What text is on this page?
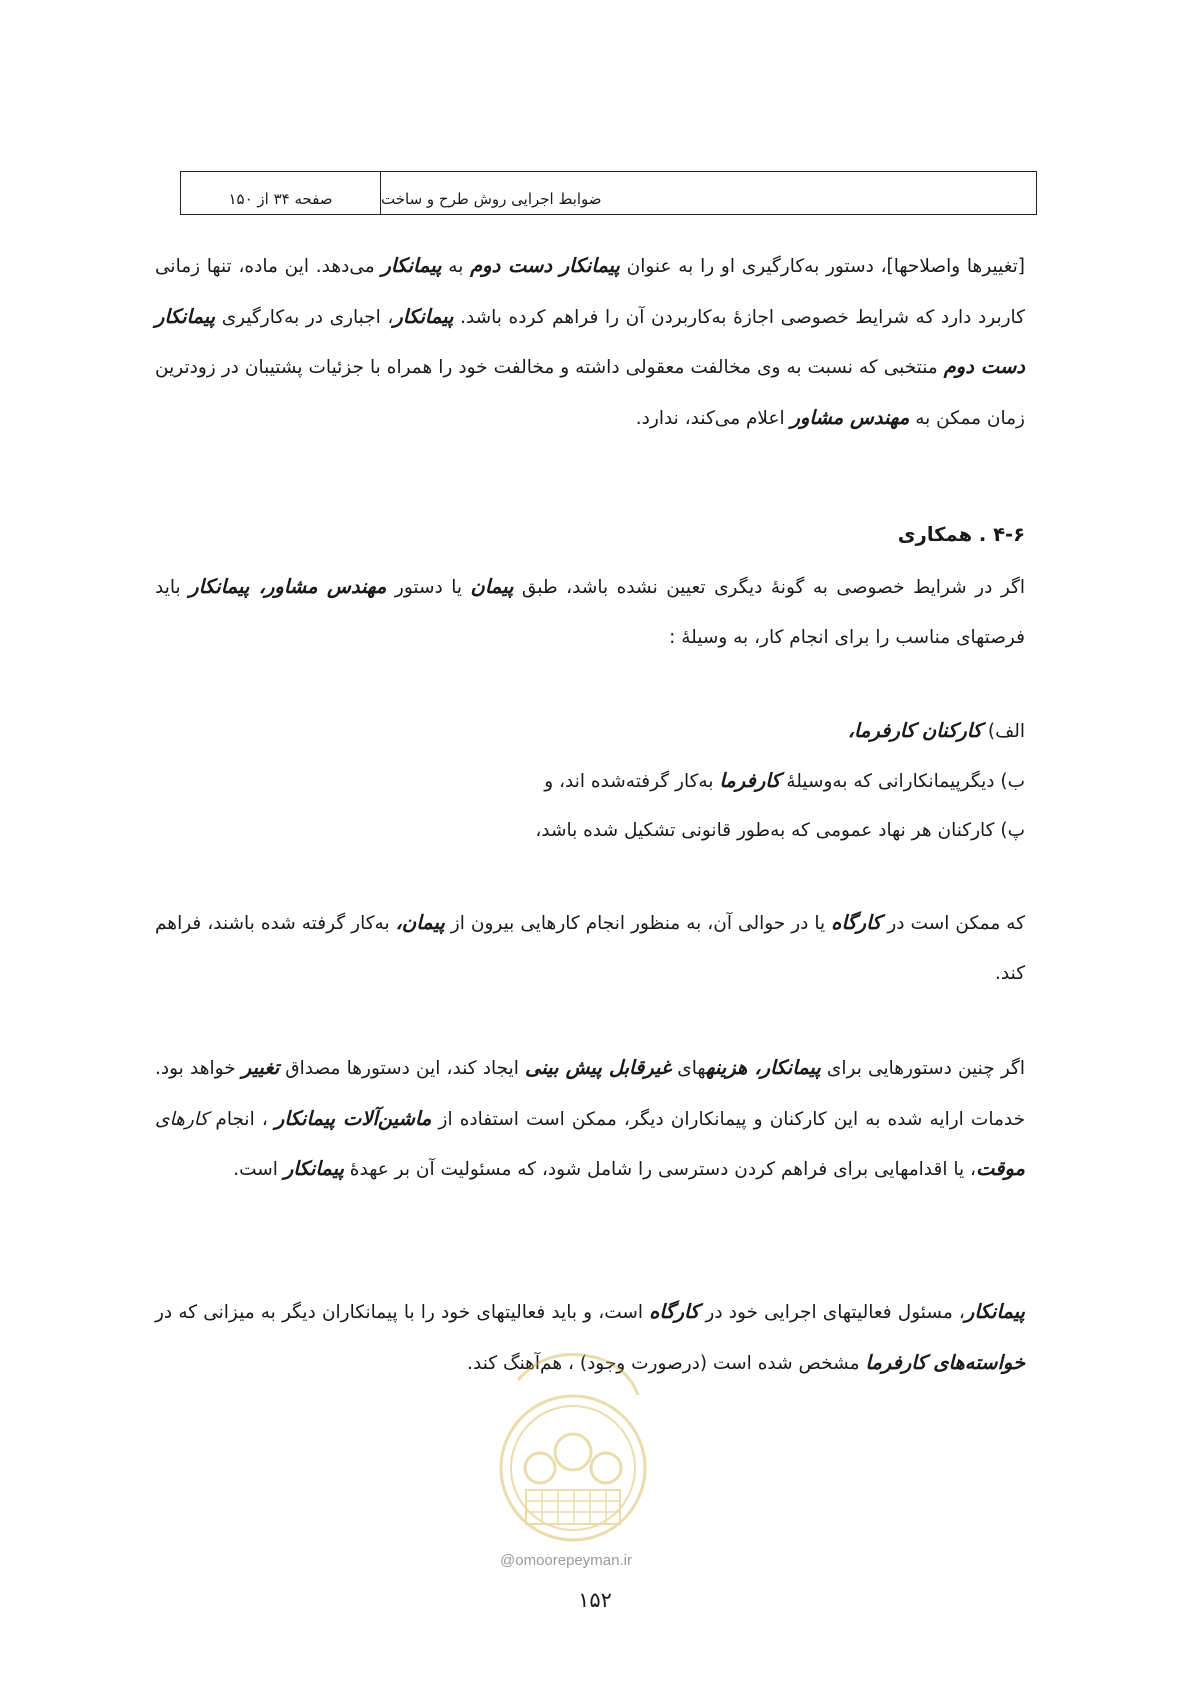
صفحه ۳۴ از ۱۵۰	ضوابط اجرایی روش طرح و ساخت

[تغییرها واصلاحها]، دستور به‌کارگیری او را به عنوان پیمانکار دست دوم به پیمانکار می‌دهد. این ماده، تنها زمانی کاربرد دارد که شرایط خصوصی اجازۀ به‌کاربردن آن را فراهم کرده باشد. پیمانکار، اجباری در به‌کارگیری پیمانکار دست دوم منتخبی که نسبت به وی مخالفت معقولی داشته و مخالفت خود را همراه با جزئیات پشتیبان در زودترین زمان ممکن به مهندس مشاور اعلام می‌کند، ندارد.

۴-۶ . همکاری

اگر در شرایط خصوصی به گونۀ دیگری تعیین نشده باشد، طبق پیمان یا دستور مهندس مشاور، پیمانکار باید فرصتهای مناسب را برای انجام کار، به وسیلۀ :

الف) کارکنان کارفرما،

ب) دیگرپیمانکارانی که به‌وسیلۀ کارفرما به‌کار گرفته‌شده اند، و

پ) کارکنان هر نهاد عمومی که به‌طور قانونی تشکیل شده باشد،

که ممکن است در کارگاه یا در حوالی آن، به منظور انجام کارهایی بیرون از پیمان، به‌کار گرفته شده باشند، فراهم کند.

اگر چنین دستورهایی برای پیمانکار، هزینههای غیرقابل پیش بینی ایجاد کند، این دستورها مصداق تغییر خواهد بود. خدمات ارایه شده به این کارکنان و پیمانکاران دیگر، ممکن است استفاده از ماشین‌آلات پیمانکار ، انجام کارهای موقت، یا اقدامهایی برای فراهم کردن دسترسی را شامل شود، که مسئولیت آن بر عهدۀ پیمانکار است.

پیمانکار، مسئول فعالیتهای اجرایی خود در کارگاه است، و باید فعالیتهای خود را با پیمانکاران دیگر به میزانی که در خواسته‌های کارفرما مشخص شده است (درصورت وجود) ، هم‌آهنگ کند.

@omoorepeyman.ir
۱۵۲
